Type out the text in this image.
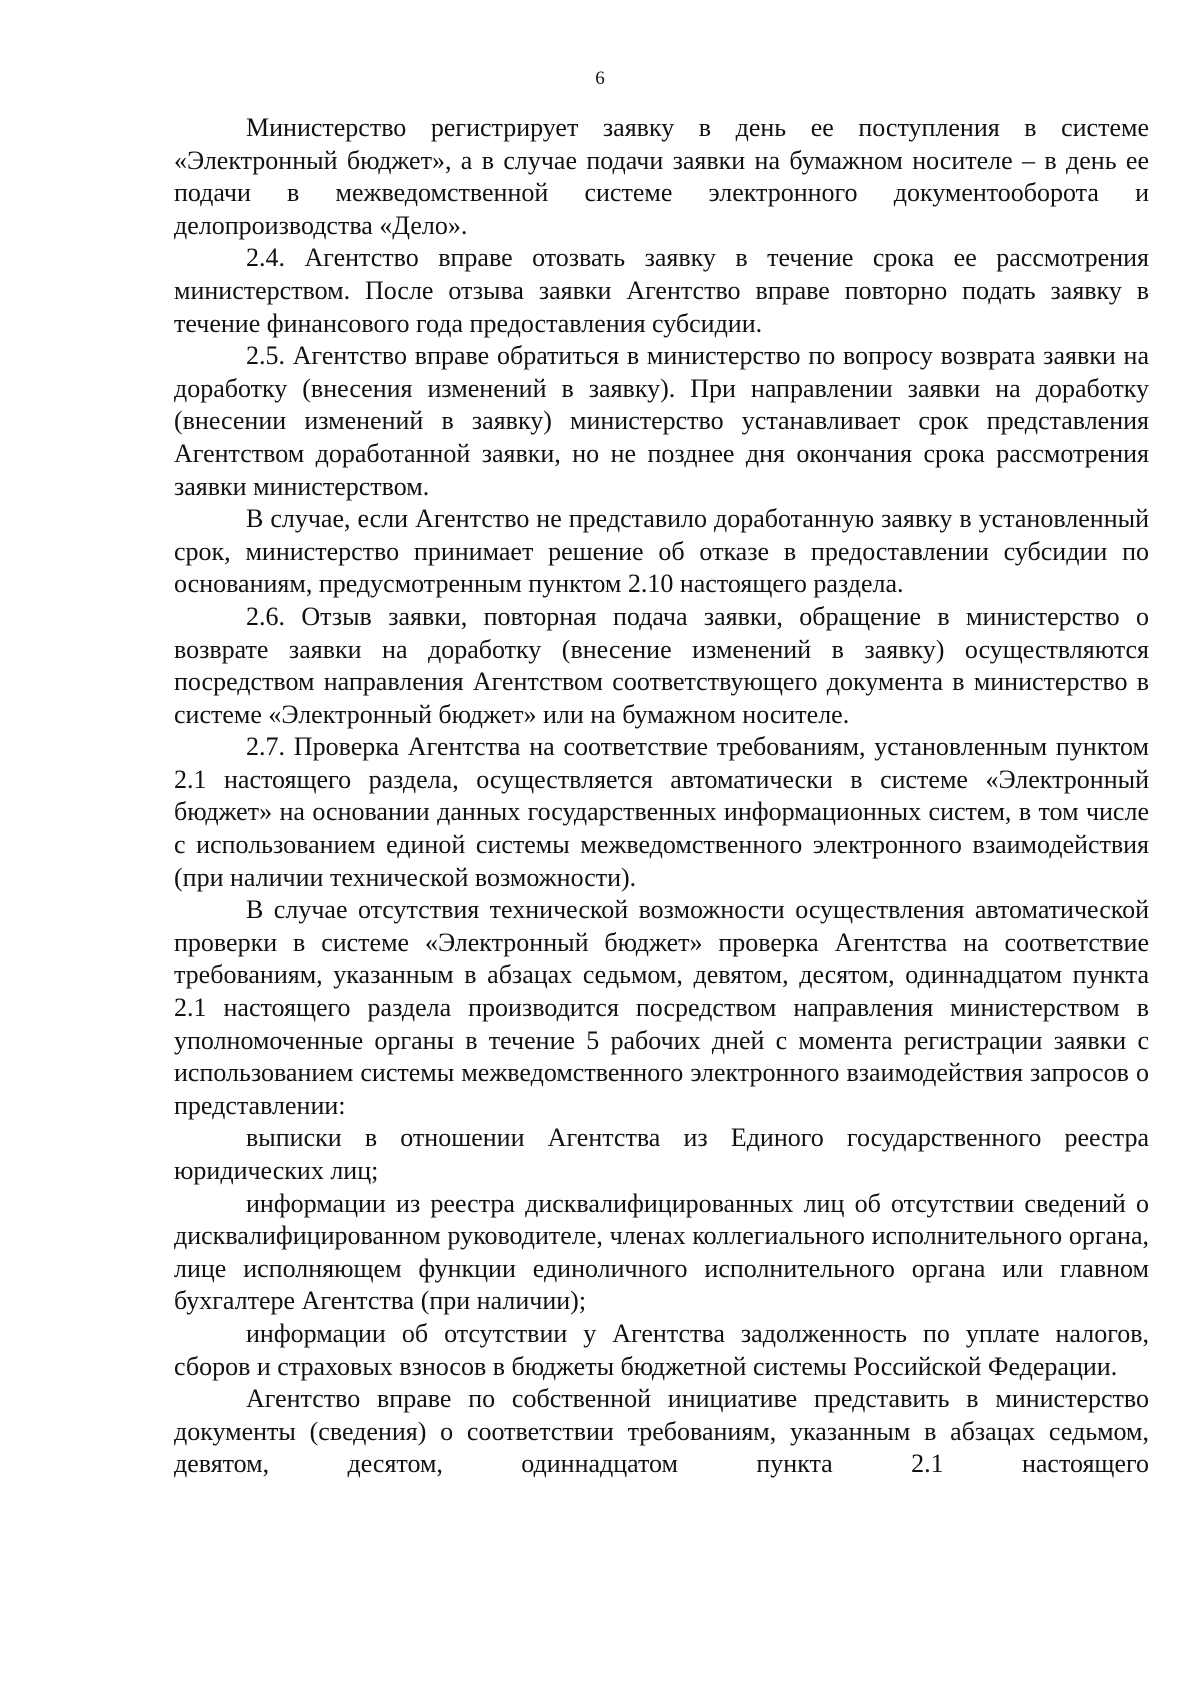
6

Министерство регистрирует заявку в день ее поступления в системе «Электронный бюджет», а в случае подачи заявки на бумажном носителе – в день ее подачи в межведомственной системе электронного документооборота и делопроизводства «Дело».

2.4. Агентство вправе отозвать заявку в течение срока ее рассмотрения министерством. После отзыва заявки Агентство вправе повторно подать заявку в течение финансового года предоставления субсидии.

2.5. Агентство вправе обратиться в министерство по вопросу возврата заявки на доработку (внесения изменений в заявку). При направлении заявки на доработку (внесении изменений в заявку) министерство устанавливает срок представления Агентством доработанной заявки, но не позднее дня окончания срока рассмотрения заявки министерством.

В случае, если Агентство не представило доработанную заявку в установленный срок, министерство принимает решение об отказе в предоставлении субсидии по основаниям, предусмотренным пунктом 2.10 настоящего раздела.

2.6. Отзыв заявки, повторная подача заявки, обращение в министерство о возврате заявки на доработку (внесение изменений в заявку) осуществляются посредством направления Агентством соответствующего документа в министерство в системе «Электронный бюджет» или на бумажном носителе.

2.7. Проверка Агентства на соответствие требованиям, установленным пунктом 2.1 настоящего раздела, осуществляется автоматически в системе «Электронный бюджет» на основании данных государственных информационных систем, в том числе с использованием единой системы межведомственного электронного взаимодействия (при наличии технической возможности).

В случае отсутствия технической возможности осуществления автоматической проверки в системе «Электронный бюджет» проверка Агентства на соответствие требованиям, указанным в абзацах седьмом, девятом, десятом, одиннадцатом пункта 2.1 настоящего раздела производится посредством направления министерством в уполномоченные органы в течение 5 рабочих дней с момента регистрации заявки с использованием системы межведомственного электронного взаимодействия запросов о представлении:

выписки в отношении Агентства из Единого государственного реестра юридических лиц;

информации из реестра дисквалифицированных лиц об отсутствии сведений о дисквалифицированном руководителе, членах коллегиального исполнительного органа, лице исполняющем функции единоличного исполнительного органа или главном бухгалтере Агентства (при наличии);

информации об отсутствии у Агентства задолженность по уплате налогов, сборов и страховых взносов в бюджеты бюджетной системы Российской Федерации.

Агентство вправе по собственной инициативе представить в министерство документы (сведения) о соответствии требованиям, указанным в абзацах седьмом, девятом, десятом, одиннадцатом пункта 2.1 настоящего
